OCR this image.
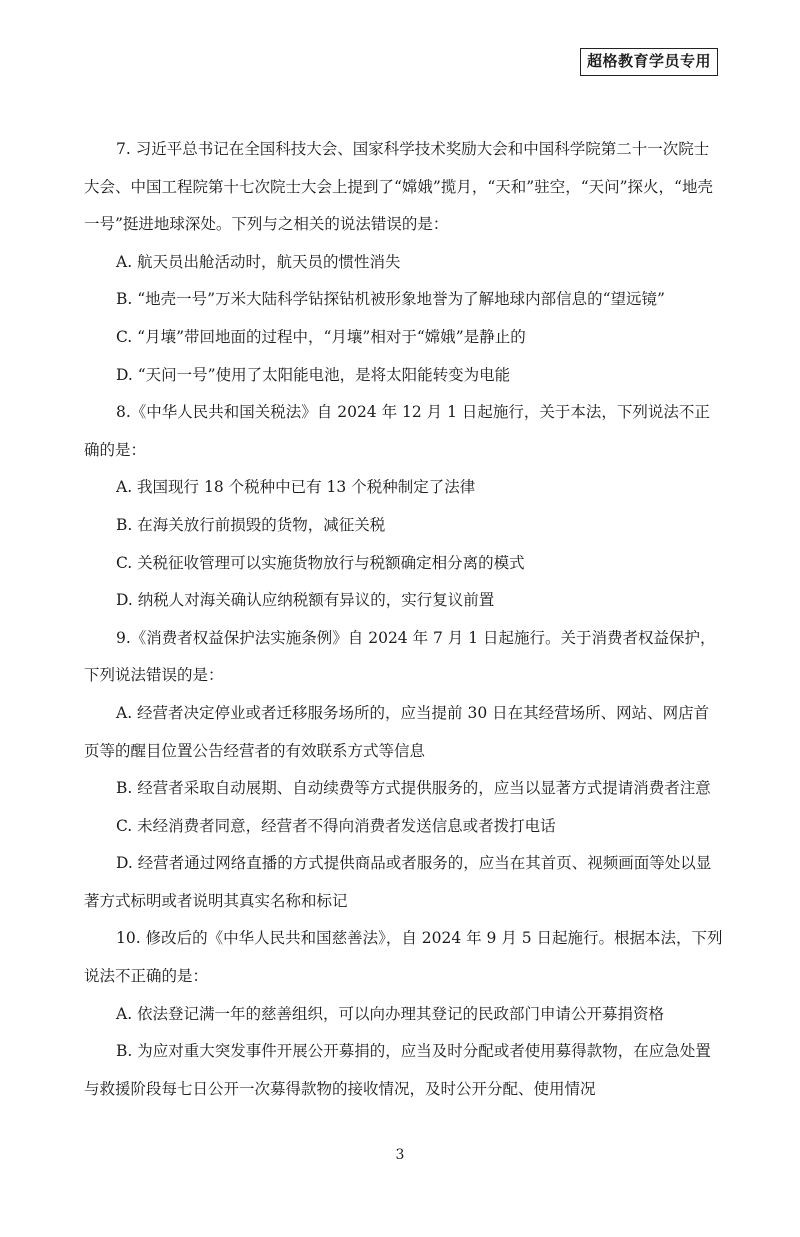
超格教育学员专用

7. 习近平总书记在全国科技大会、国家科学技术奖励大会和中国科学院第二十一次院士大会、中国工程院第十七次院士大会上提到了“嫦娥”揽月，“天和”驻空，“天问”探火，“地壳一号”挺进地球深处。下列与之相关的说法错误的是：

A. 航天员出舱活动时，航天员的惯性消失

B. “地壳一号”万米大陆科学钻探钻机被形象地誉为了解地球内部信息的“望远镜”

C. “月壤”带回地面的过程中，“月壤”相对于“嫦娥”是静止的

D. “天问一号”使用了太阳能电池，是将太阳能转变为电能

8.《中华人民共和国关税法》自 2024 年 12 月 1 日起施行，关于本法，下列说法不正确的是：

A. 我国现行 18 个税种中已有 13 个税种制定了法律

B. 在海关放行前损毁的货物，减征关税

C. 关税征收管理可以实施货物放行与税额确定相分离的模式

D. 纳税人对海关确认应纳税额有异议的，实行复议前置

9.《消费者权益保护法实施条例》自 2024 年 7 月 1 日起施行。关于消费者权益保护，下列说法错误的是：

A. 经营者决定停业或者迁移服务场所的，应当提前 30 日在其经营场所、网站、网店首页等的醒目位置公告经营者的有效联系方式等信息

B. 经营者采取自动展期、自动续费等方式提供服务的，应当以显著方式提请消费者注意

C. 未经消费者同意，经营者不得向消费者发送信息或者拨打电话

D. 经营者通过网络直播的方式提供商品或者服务的，应当在其首页、视频画面等处以显著方式标明或者说明其真实名称和标记

10. 修改后的《中华人民共和国慈善法》，自 2024 年 9 月 5 日起施行。根据本法，下列说法不正确的是：

A. 依法登记满一年的慈善组织，可以向办理其登记的民政部门申请公开募捐资格

B. 为应对重大突发事件开展公开募捐的，应当及时分配或者使用募得款物，在应急处置与救援阶段每七日公开一次募得款物的接收情况，及时公开分配、使用情况

3
